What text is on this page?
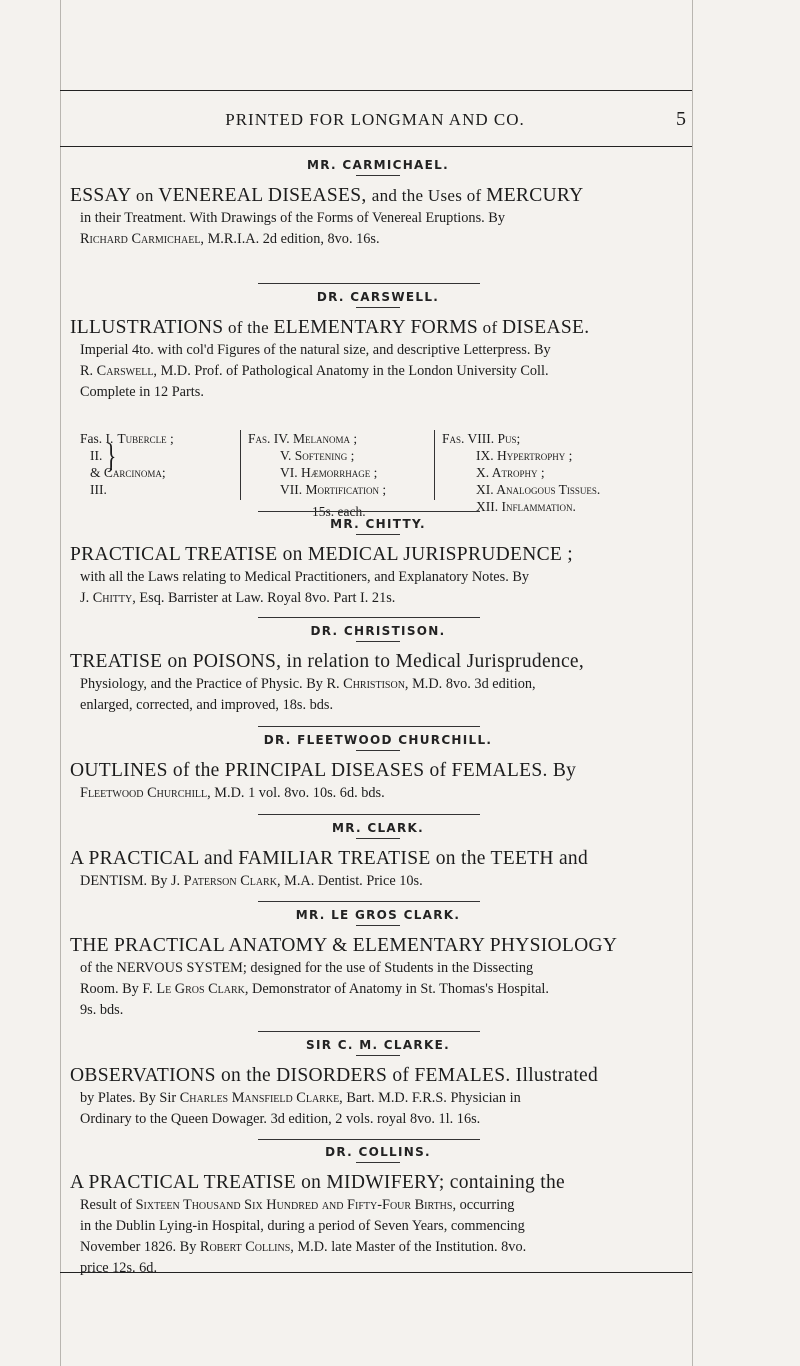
PRINTED FOR LONGMAN AND CO.	5
MR. CARMICHAEL.
ESSAY on VENEREAL DISEASES, and the Uses of MERCURY
in their Treatment. With Drawings of the Forms of Venereal Eruptions. By
Richard Carmichael, M.R.I.A. 2d edition, 8vo. 16s.
DR. CARSWELL.
ILLUSTRATIONS of the ELEMENTARY FORMS of DISEASE.
Imperial 4to. with col'd Figures of the natural size, and descriptive Letterpress. By
R. Carswell, M.D. Prof. of Pathological Anatomy in the London University Coll.
Complete in 12 Parts.
Fas. I. Tubercle ;
II. }
& Carcinoma;
III.
Fas. IV. Melanoma ;
V. Softening ;
VI. Hæmorrhage ;
VII. Mortification ;
15s. each.
Fas. VIII. Pus;
IX. Hypertrophy ;
X. Atrophy ;
XI. Analogous Tissues.
XII. Inflammation.
MR. CHITTY.
PRACTICAL TREATISE on MEDICAL JURISPRUDENCE ;
with all the Laws relating to Medical Practitioners, and Explanatory Notes. By
J. Chitty, Esq. Barrister at Law. Royal 8vo. Part I. 21s.
DR. CHRISTISON.
TREATISE on POISONS, in relation to Medical Jurisprudence,
Physiology, and the Practice of Physic. By R. Christison, M.D. 8vo. 3d edition,
enlarged, corrected, and improved, 18s. bds.
DR. FLEETWOOD CHURCHILL.
OUTLINES of the PRINCIPAL DISEASES of FEMALES. By
Fleetwood Churchill, M.D. 1 vol. 8vo. 10s. 6d. bds.
MR. CLARK.
A PRACTICAL and FAMILIAR TREATISE on the TEETH and
DENTISM. By J. Paterson Clark, M.A. Dentist. Price 10s.
MR. LE GROS CLARK.
THE PRACTICAL ANATOMY & ELEMENTARY PHYSIOLOGY
of the NERVOUS SYSTEM; designed for the use of Students in the Dissecting
Room. By F. Le Gros Clark, Demonstrator of Anatomy in St. Thomas's Hospital.
9s. bds.
SIR C. M. CLARKE.
OBSERVATIONS on the DISORDERS of FEMALES. Illustrated
by Plates. By Sir Charles Mansfield Clarke, Bart. M.D. F.R.S. Physician in
Ordinary to the Queen Dowager. 3d edition, 2 vols. royal 8vo. 1l. 16s.
DR. COLLINS.
A PRACTICAL TREATISE on MIDWIFERY; containing the
Result of Sixteen Thousand Six Hundred and Fifty-Four Births, occurring
in the Dublin Lying-in Hospital, during a period of Seven Years, commencing
November 1826. By Robert Collins, M.D. late Master of the Institution. 8vo.
price 12s. 6d.
